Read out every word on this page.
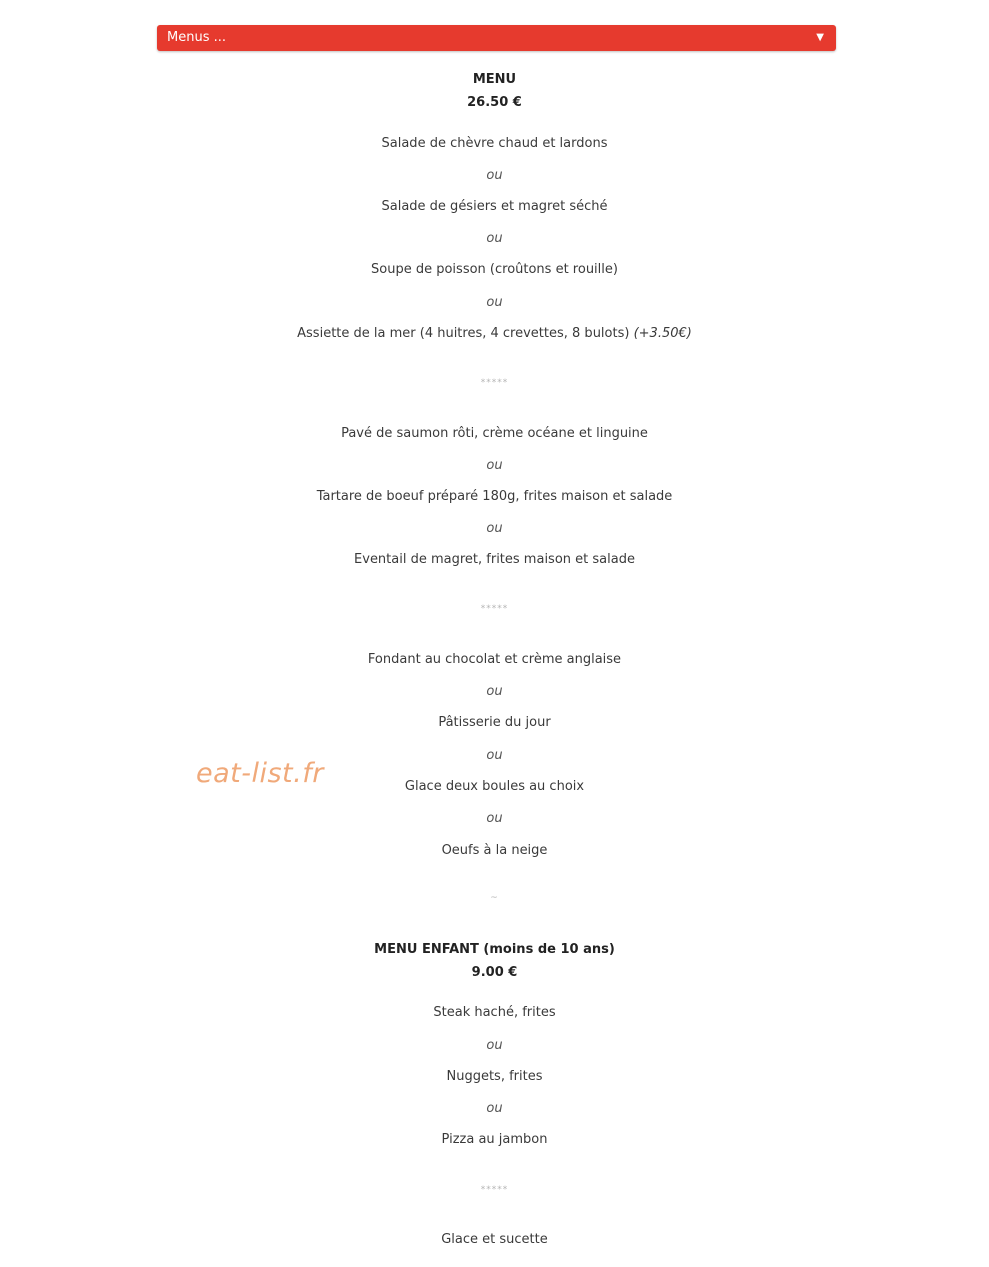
Menus ...	▼
MENU
26.50 €
Salade de chèvre chaud et lardons
ou
Salade de gésiers et magret séché
ou
Soupe de poisson (croûtons et rouille)
ou
Assiette de la mer (4 huitres, 4 crevettes, 8 bulots) (+3.50€)
*****
Pavé de saumon rôti, crème océane et linguine
ou
Tartare de boeuf préparé 180g, frites maison et salade
ou
Eventail de magret, frites maison et salade
*****
Fondant au chocolat et crème anglaise
ou
Pâtisserie du jour
ou
Glace deux boules au choix
ou
Oeufs à la neige
~
MENU ENFANT (moins de 10 ans)
9.00 €
Steak haché, frites
ou
Nuggets, frites
ou
Pizza au jambon
*****
Glace et sucette
eat-list.fr
